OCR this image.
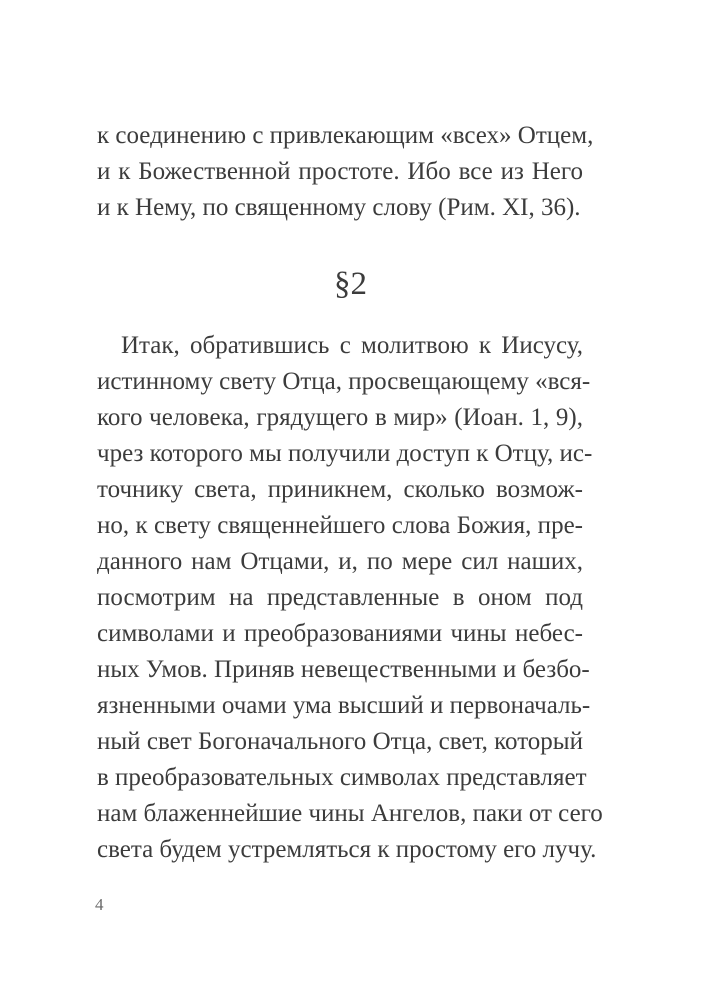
к соединению с привлекающим «всех» Отцем,
и к Божественной простоте. Ибо все из Него
и к Нему, по священному слову (Рим. XI, 36).
§2
Итак, обратившись с молитвою к Иисусу,
истинному свету Отца, просвещающему «вся-
кого человека, грядущего в мир» (Иоан. 1, 9),
чрез которого мы получили доступ к Отцу, ис-
точнику света, приникнем, сколько возмож-
но, к свету священнейшего слова Божия, пре-
данного нам Отцами, и, по мере сил наших,
посмотрим на представленные в оном под
символами и преобразованиями чины небес-
ных Умов. Приняв невещественными и безбо-
язненными очами ума высший и первоначаль-
ный свет Богоначального Отца, свет, который
в преобразовательных символах представляет
нам блаженнейшие чины Ангелов, паки от сего
света будем устремляться к простому его лучу.
4
